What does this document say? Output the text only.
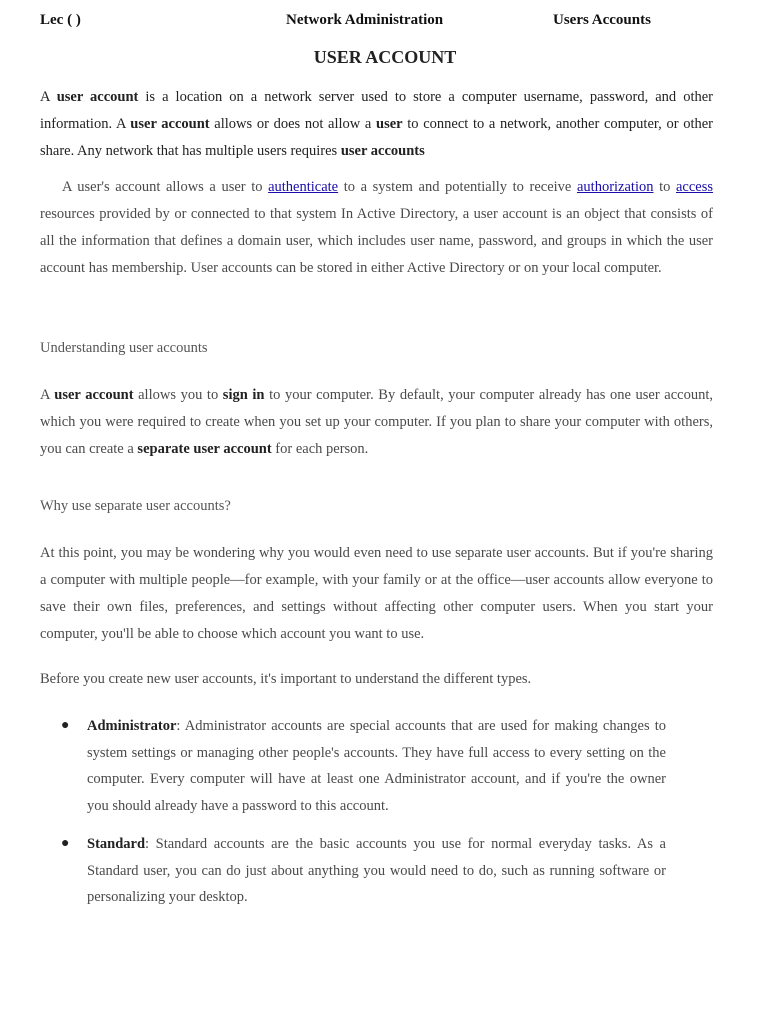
Lec ( )	Network Administration	Users Accounts
USER ACCOUNT

A user account is a location on a network server used to store a computer username, password, and other information. A user account allows or does not allow a user to connect to a network, another computer, or other share. Any network that has multiple users requires user accounts

A user's account allows a user to authenticate to a system and potentially to receive authorization to access resources provided by or connected to that system In Active Directory, a user account is an object that consists of all the information that defines a domain user, which includes user name, password, and groups in which the user account has membership. User accounts can be stored in either Active Directory or on your local computer.

Understanding user accounts

A user account allows you to sign in to your computer. By default, your computer already has one user account, which you were required to create when you set up your computer. If you plan to share your computer with others, you can create a separate user account for each person.

Why use separate user accounts?

At this point, you may be wondering why you would even need to use separate user accounts. But if you're sharing a computer with multiple people—for example, with your family or at the office—user accounts allow everyone to save their own files, preferences, and settings without affecting other computer users. When you start your computer, you'll be able to choose which account you want to use.

Before you create new user accounts, it's important to understand the different types.

● Administrator: Administrator accounts are special accounts that are used for making changes to system settings or managing other people's accounts. They have full access to every setting on the computer. Every computer will have at least one Administrator account, and if you're the owner you should already have a password to this account.
● Standard: Standard accounts are the basic accounts you use for normal everyday tasks. As a Standard user, you can do just about anything you would need to do, such as running software or personalizing your desktop.
